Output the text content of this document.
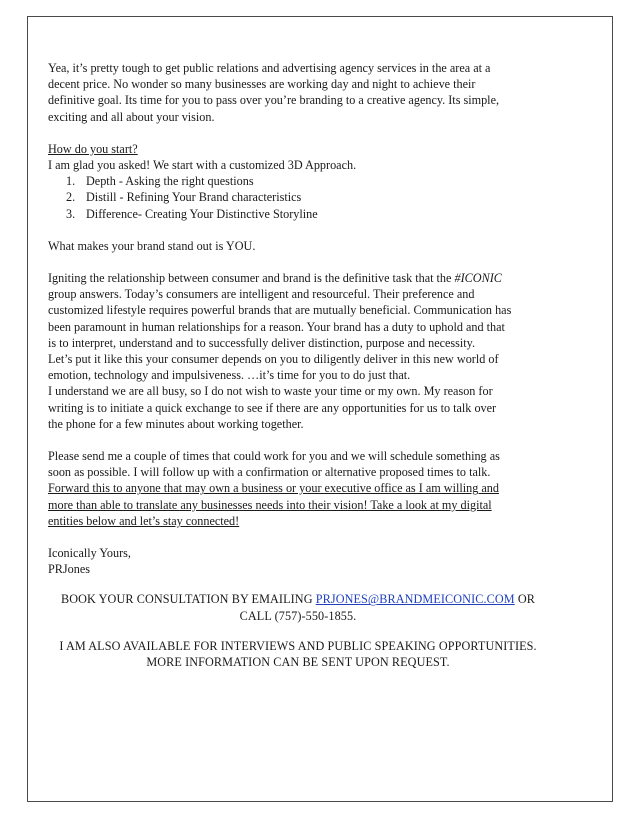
Yea, it’s pretty tough to get public relations and advertising agency services in the area at a

decent price. No wonder so many businesses are working day and night to achieve their

definitive goal. Its time for you to pass over you’re branding to a creative agency. Its simple,

exciting and all about your vision.

How do you start?

I am glad you asked! We start with a customized 3D Approach.

1. Depth - Asking the right questions
2. Distill - Refining Your Brand characteristics
3. Difference- Creating Your Distinctive Storyline

What makes your brand stand out is YOU.

Igniting the relationship between consumer and brand is the definitive task that the #ICONIC

group answers. Today’s consumers are intelligent and resourceful. Their preference and

customized lifestyle requires powerful brands that are mutually beneficial. Communication has

been paramount in human relationships for a reason. Your brand has a duty to uphold and that

is to interpret, understand and to successfully deliver distinction, purpose and necessity.

Let’s put it like this your consumer depends on you to diligently deliver in this new world of

emotion, technology and impulsiveness. …it’s time for you to do just that.

I understand we are all busy, so I do not wish to waste your time or my own. My reason for

writing is to initiate a quick exchange to see if there are any opportunities for us to talk over

the phone for a few minutes about working together.

Please send me a couple of times that could work for you and we will schedule something as

soon as possible. I will follow up with a confirmation or alternative proposed times to talk.

Forward this to anyone that may own a business or your executive office as I am willing and

more than able to translate any businesses needs into their vision! Take a look at my digital

entities below and let’s stay connected!

Iconically Yours,

PRJones

BOOK YOUR CONSULTATION BY EMAILING PRJONES@BRANDMEICONIC.COM OR

CALL (757)-550-1855.

I AM ALSO AVAILABLE FOR INTERVIEWS AND PUBLIC SPEAKING OPPORTUNITIES.

MORE INFORMATION CAN BE SENT UPON REQUEST.
